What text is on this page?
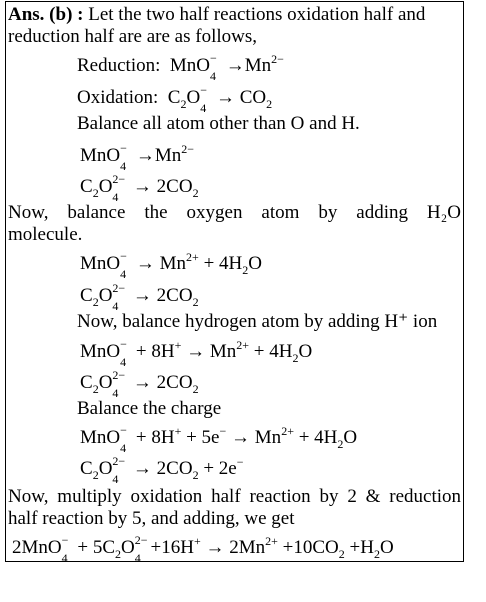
Ans. (b) : Let the two half reactions oxidation half and
reduction half are are as follows,
Reduction:  MnO −
$4 \to Mn^{2-}$
Oxidation:  $C_2O$ −
$4 \to CO_2$
Balance all atom other than O and H.
MnO −
$4 \to Mn^{2-}$
$C_2O$ 2−
$4 \to 2CO_2$
Now, balance the oxygen atom by adding H₂O
molecule.
MnO −
$4 \to Mn^{2+} + 4H_2O$
$C_2O$ 2−
$4 \to 2CO_2$
Now, balance hydrogen atom by adding H⁺ ion
MnO −
$4 + 8H^+ \to Mn^{2+} + 4H_2O$
$C_2O$ 2−
$4 \to 2CO_2$
Balance the charge
MnO −
$4 + 8H^+ + 5e^- \to Mn^{2+} + 4H_2O$
$C_2O$ 2−
$4 \to 2CO_2 + 2e^-$
Now, multiply oxidation half reaction by 2 & reduction
half reaction by 5, and adding, we get
2MnO −
$4 + 5C_2O$ 2−
$4 +16H^+ \to 2Mn^{2+} +10CO_2 +H_2O$
